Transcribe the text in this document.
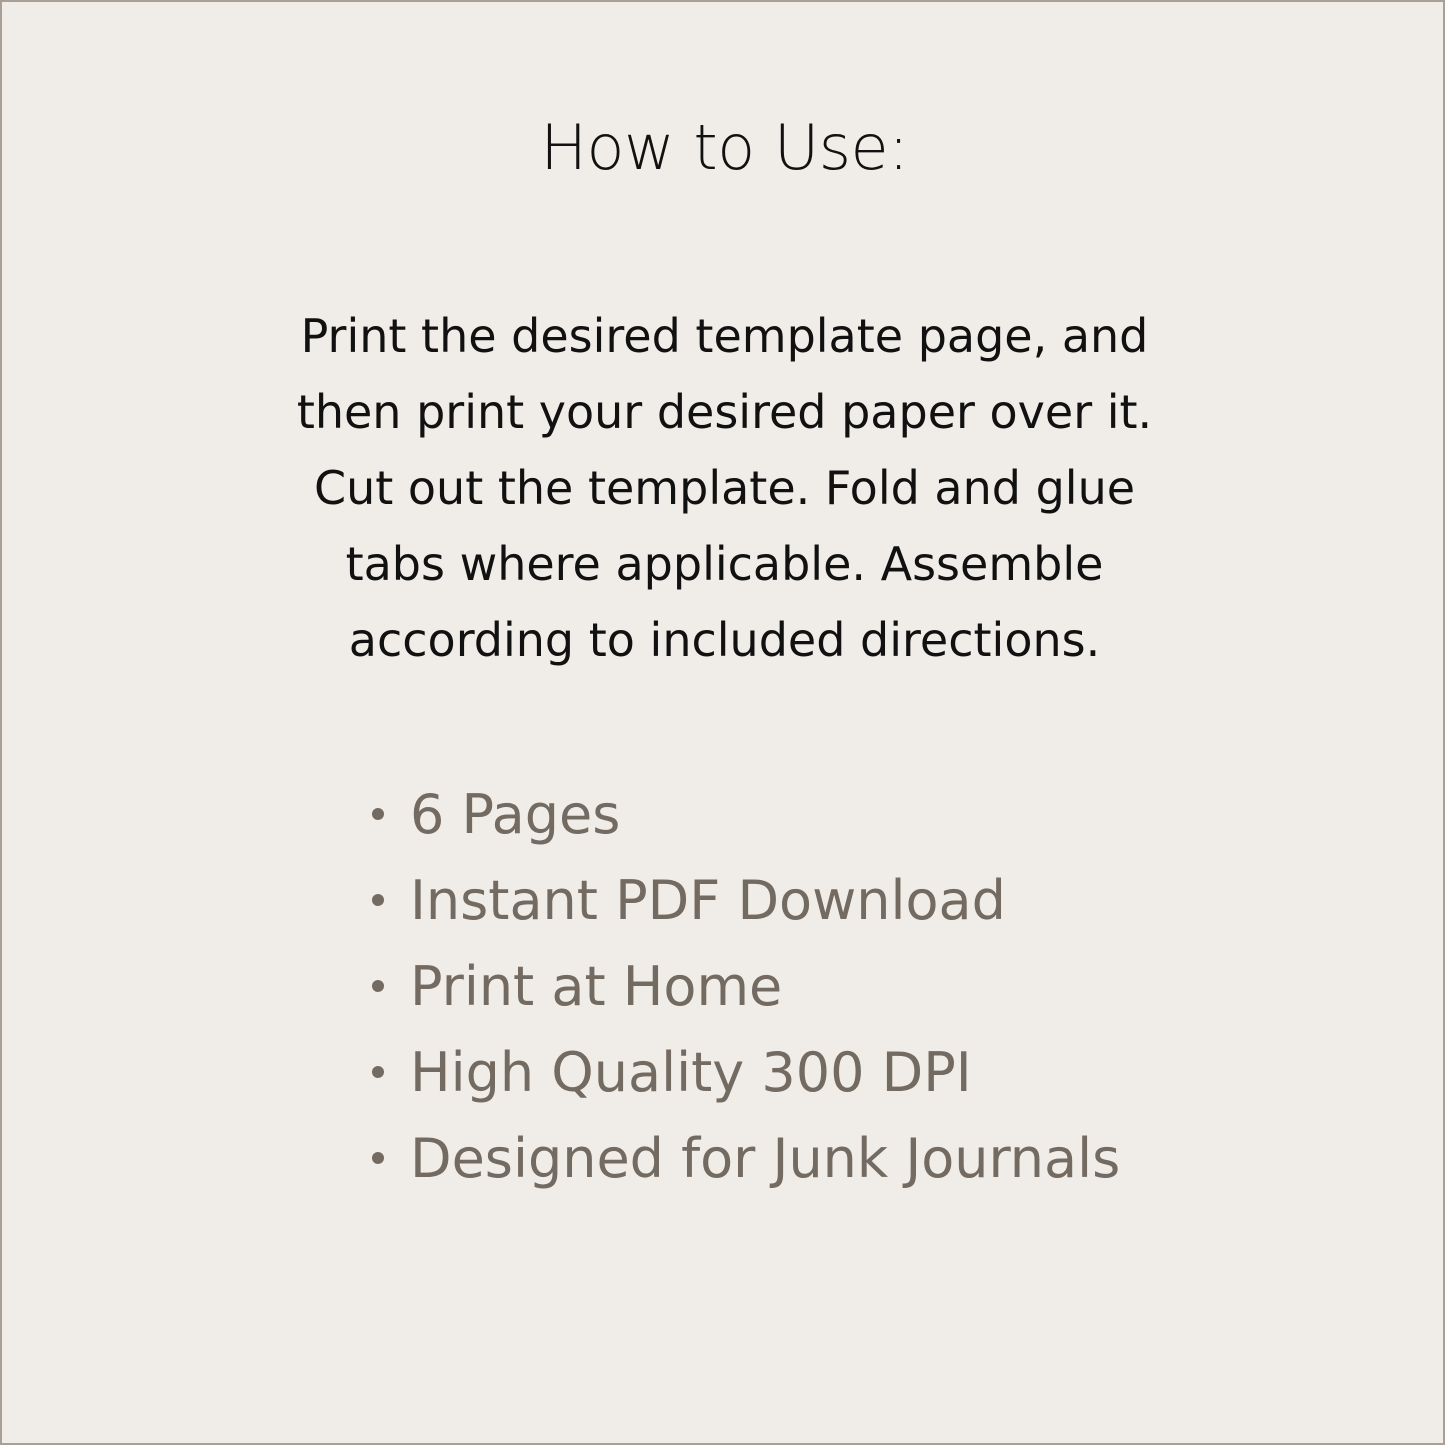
How to Use:
Print the desired template page, and
then print your desired paper over it.
Cut out the template. Fold and glue
tabs where applicable. Assemble
according to included directions.
6 Pages
Instant PDF Download
Print at Home
High Quality 300 DPI
Designed for Junk Journals
